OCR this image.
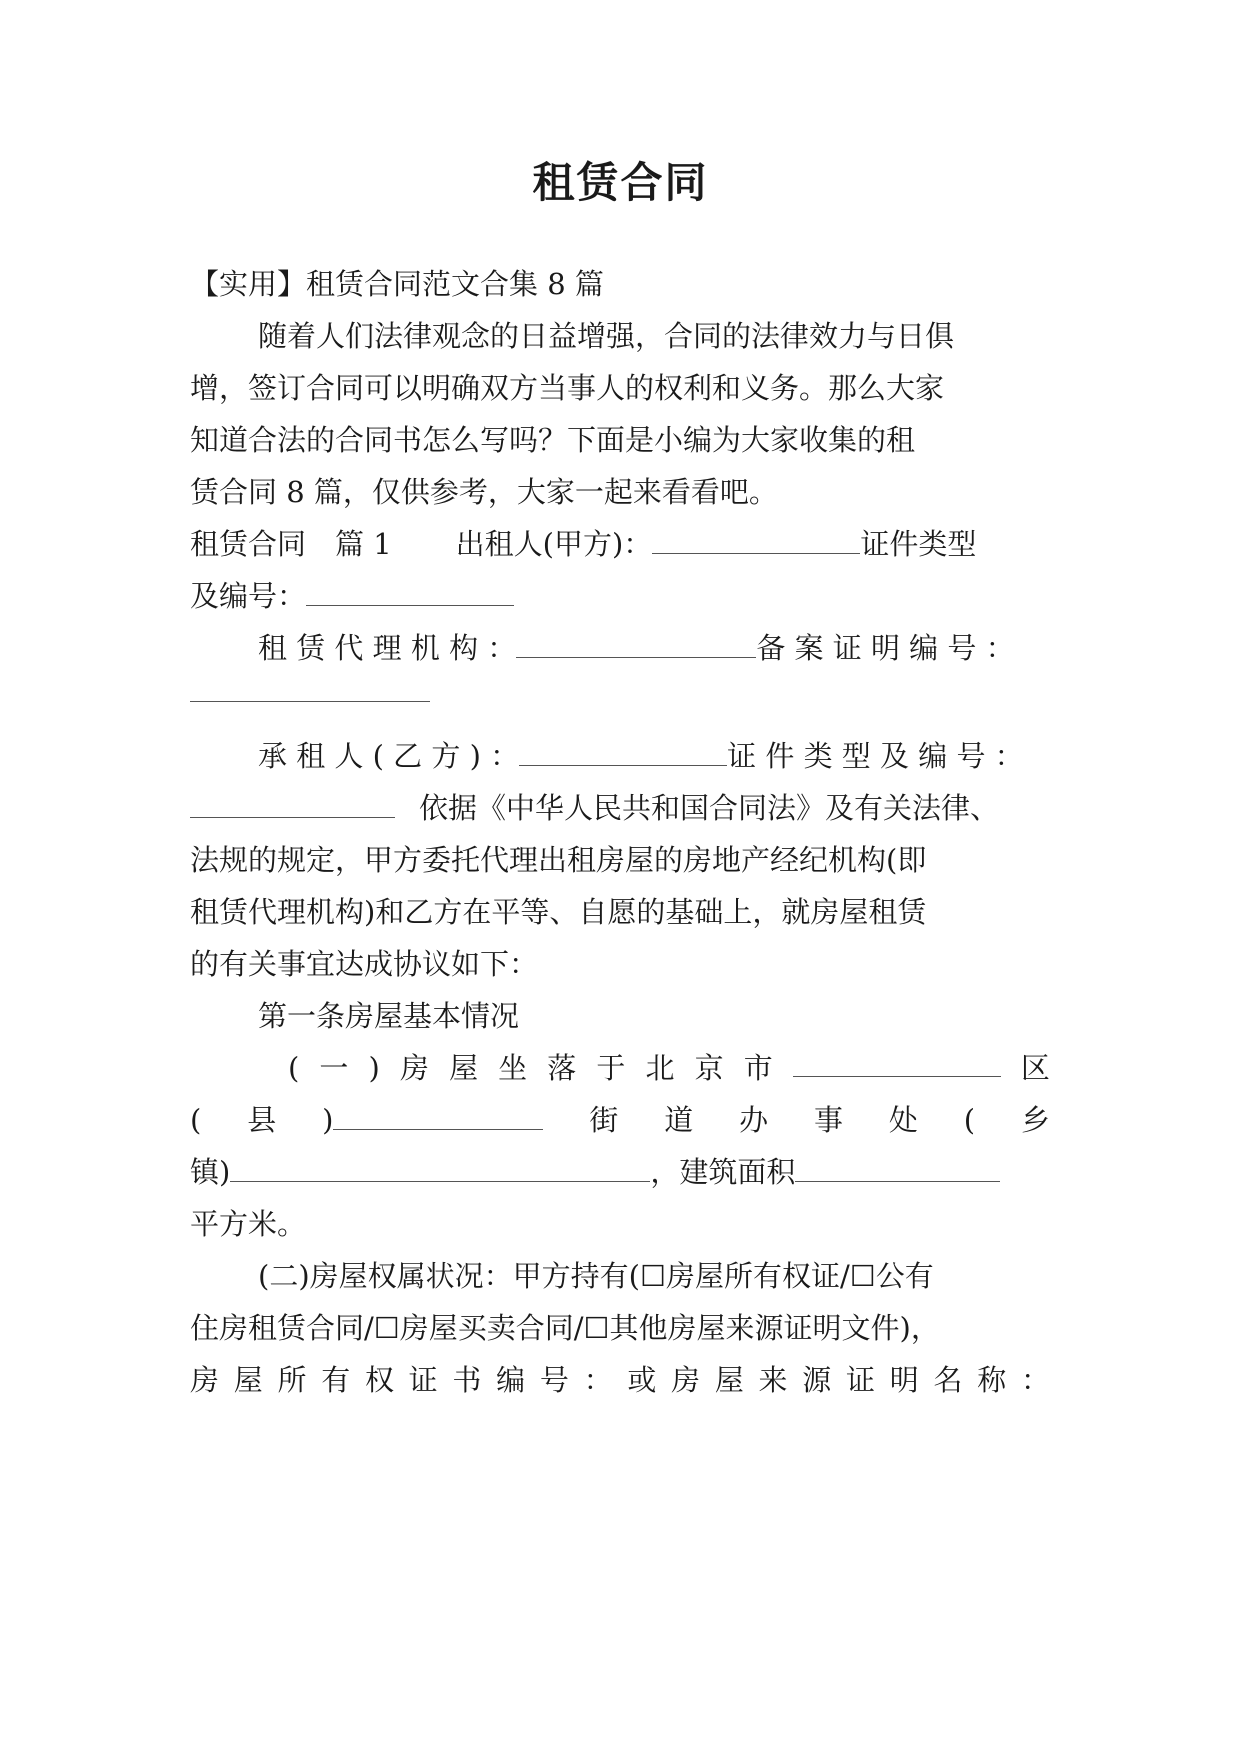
租赁合同

【实用】租赁合同范文合集 8 篇

随着人们法律观念的日益增强，合同的法律效力与日俱

增，签订合同可以明确双方当事人的权利和义务。那么大家

知道合法的合同书怎么写吗？下面是小编为大家收集的租

赁合同 8 篇，仅供参考，大家一起来看看吧。

租赁合同　篇 1 出租人(甲方)：	证件类型

及编号：

租 赁 代 理 机 构 ：	备 案 证 明 编 号 ：

承 租 人 ( 乙 方 ) ：	证 件 类 型 及 编 号 ：

依据《中华人民共和国合同法》及有关法律、

法规的规定，甲方委托代理出租房屋的房地产经纪机构(即

租赁代理机构)和乙方在平等、自愿的基础上，就房屋租赁

的有关事宜达成协议如下：

第一条房屋基本情况

( 一 ) 房 屋 坐 落 于 北 京 市	区

( 县 )	街 道 办 事 处 ( 乡

镇)	，建筑面积

平方米。

(二)房屋权属状况：甲方持有(☐房屋所有权证/☐公有

住房租赁合同/☐房屋买卖合同/☐其他房屋来源证明文件)，

房 屋 所 有 权 证 书 编 号 ： 或 房 屋 来 源 证 明 名 称 ：
